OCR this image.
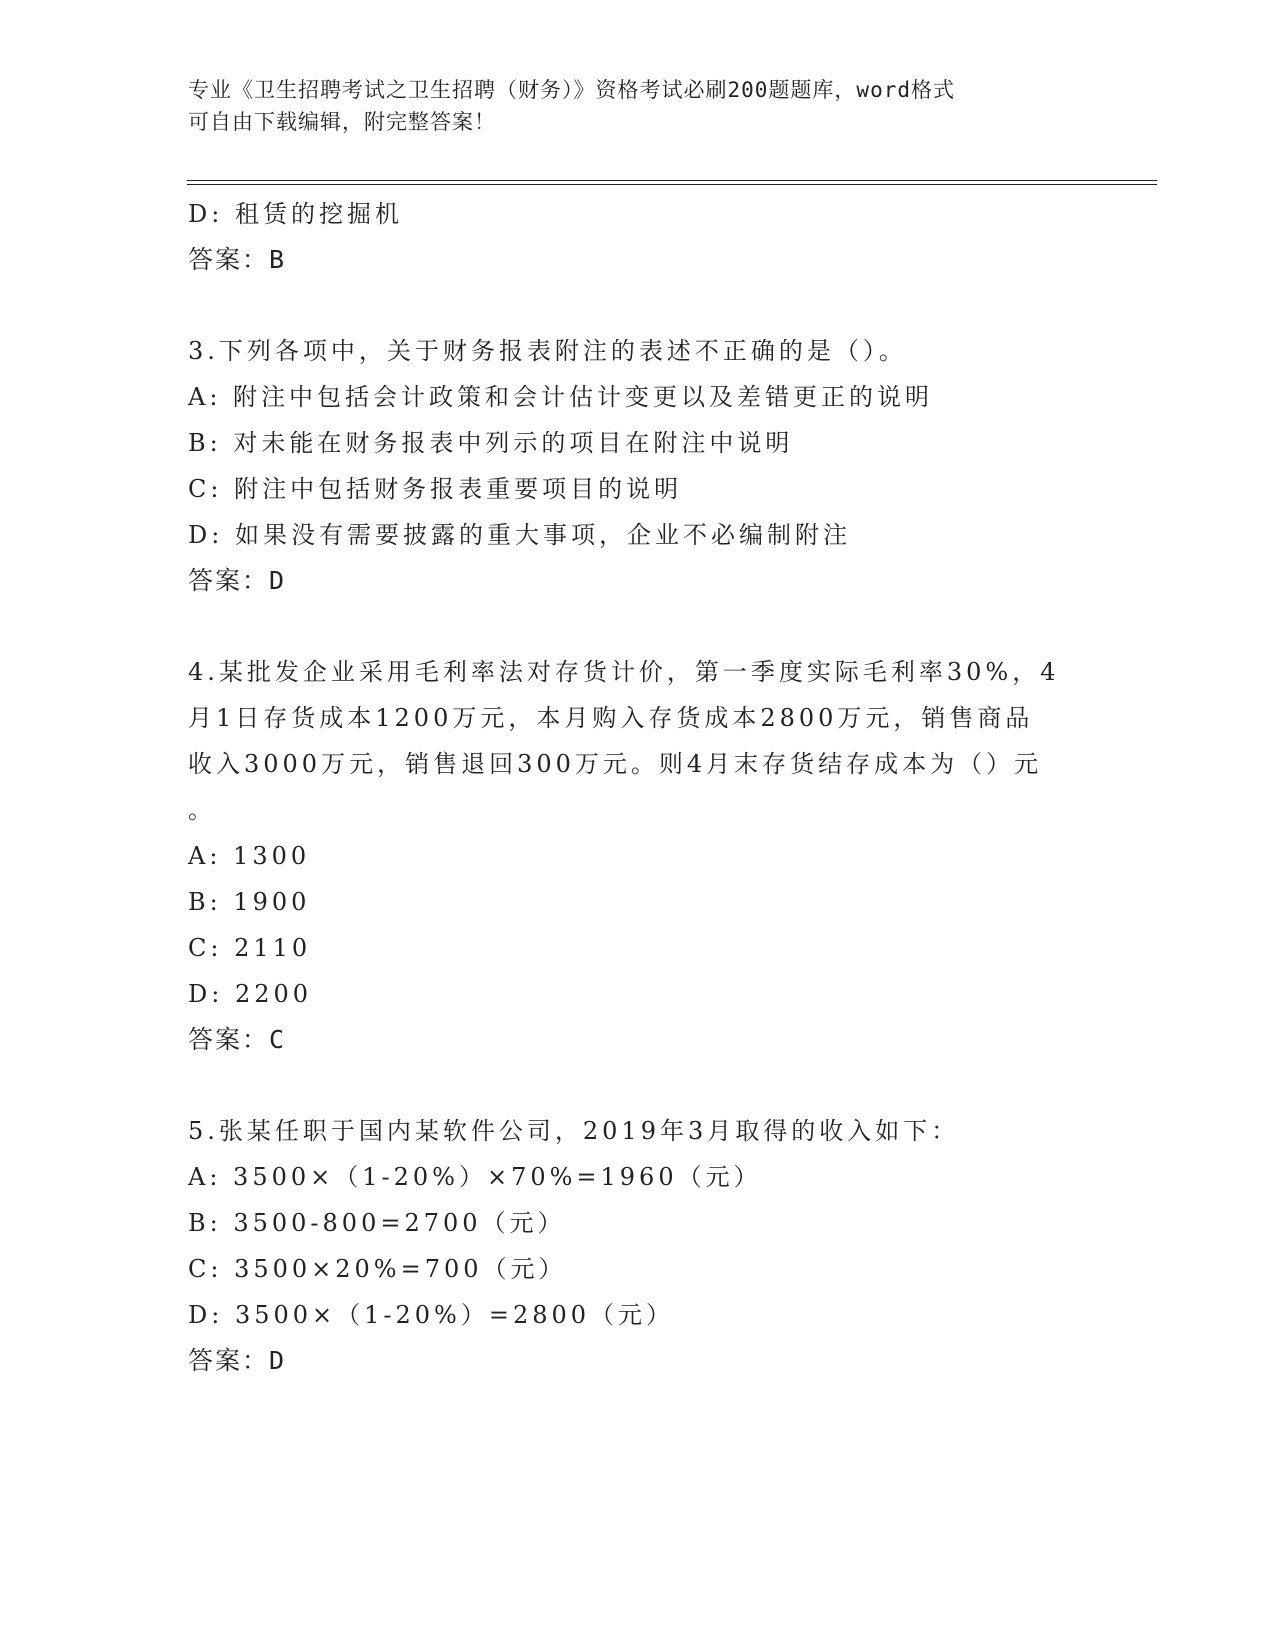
专业《卫生招聘考试之卫生招聘（财务）》资格考试必刷200题题库，word格式
可自由下载编辑，附完整答案！
D: 租赁的挖掘机
答案：B
3.下列各项中，关于财务报表附注的表述不正确的是（）。
A: 附注中包括会计政策和会计估计变更以及差错更正的说明
B: 对未能在财务报表中列示的项目在附注中说明
C: 附注中包括财务报表重要项目的说明
D: 如果没有需要披露的重大事项，企业不必编制附注
答案：D
4.某批发企业采用毛利率法对存货计价，第一季度实际毛利率30%，4
月1日存货成本1200万元，本月购入存货成本2800万元，销售商品
收入3000万元，销售退回300万元。则4月末存货结存成本为（）元
。
A: 1300
B: 1900
C: 2110
D: 2200
答案：C
5.张某任职于国内某软件公司，2019年3月取得的收入如下：
A: 3500×（1-20%）×70%=1960（元）
B: 3500-800=2700（元）
C: 3500×20%=700（元）
D: 3500×（1-20%）=2800（元）
答案：D
